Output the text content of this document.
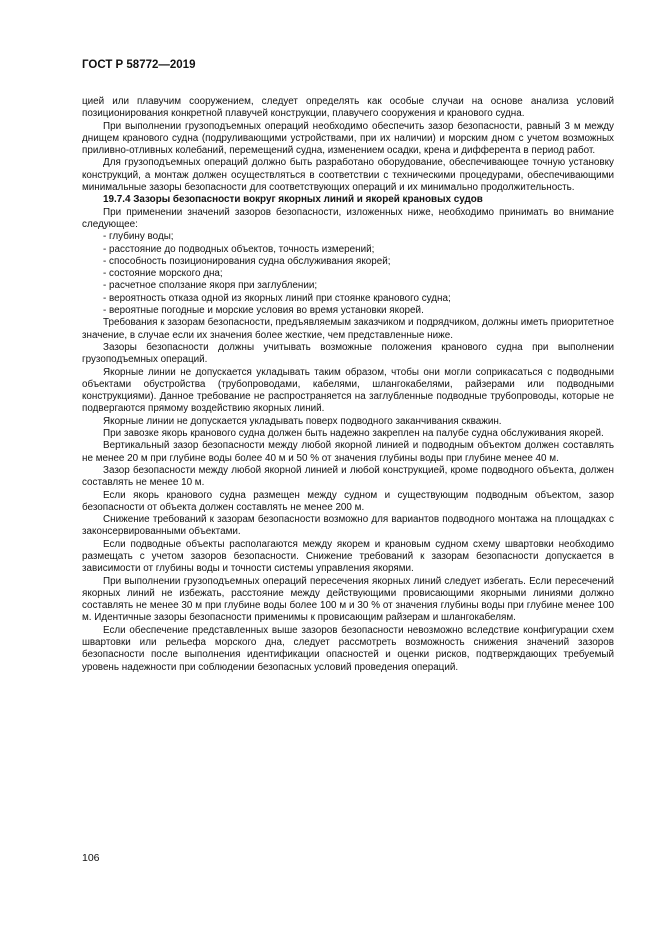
ГОСТ Р 58772—2019

цией или плавучим сооружением, следует определять как особые случаи на основе анализа условий позиционирования конкретной плавучей конструкции, плавучего сооружения и кранового судна.

При выполнении грузоподъемных операций необходимо обеспечить зазор безопасности, равный 3 м между днищем кранового судна (подруливающими устройствами, при их наличии) и морским дном с учетом возможных приливно-отливных колебаний, перемещений судна, изменением осадки, крена и дифферента в период работ.

Для грузоподъемных операций должно быть разработано оборудование, обеспечивающее точную установку конструкций, а монтаж должен осуществляться в соответствии с техническими процедурами, обеспечивающими минимальные зазоры безопасности для соответствующих операций и их минимально продолжительность.

19.7.4 Зазоры безопасности вокруг якорных линий и якорей крановых судов

При применении значений зазоров безопасности, изложенных ниже, необходимо принимать во внимание следующее:

- глубину воды;

- расстояние до подводных объектов, точность измерений;

- способность позиционирования судна обслуживания якорей;

- состояние морского дна;

- расчетное сползание якоря при заглублении;

- вероятность отказа одной из якорных линий при стоянке кранового судна;

- вероятные погодные и морские условия во время установки якорей.

Требования к зазорам безопасности, предъявляемым заказчиком и подрядчиком, должны иметь приоритетное значение, в случае если их значения более жесткие, чем представленные ниже.

Зазоры безопасности должны учитывать возможные положения кранового судна при выполнении грузоподъемных операций.

Якорные линии не допускается укладывать таким образом, чтобы они могли соприкасаться с подводными объектами обустройства (трубопроводами, кабелями, шлангокабелями, райзерами или подводными конструкциями). Данное требование не распространяется на заглубленные подводные трубопроводы, которые не подвергаются прямому воздействию якорных линий.

Якорные линии не допускается укладывать поверх подводного заканчивания скважин.

При завозке якорь кранового судна должен быть надежно закреплен на палубе судна обслуживания якорей.

Вертикальный зазор безопасности между любой якорной линией и подводным объектом должен составлять не менее 20 м при глубине воды более 40 м и 50 % от значения глубины воды при глубине менее 40 м.

Зазор безопасности между любой якорной линией и любой конструкцией, кроме подводного объекта, должен составлять не менее 10 м.

Если якорь кранового судна размещен между судном и существующим подводным объектом, зазор безопасности от объекта должен составлять не менее 200 м.

Снижение требований к зазорам безопасности возможно для вариантов подводного монтажа на площадках с законсервированными объектами.

Если подводные объекты располагаются между якорем и крановым судном схему швартовки необходимо размещать с учетом зазоров безопасности. Снижение требований к зазорам безопасности допускается в зависимости от глубины воды и точности системы управления якорями.

При выполнении грузоподъемных операций пересечения якорных линий следует избегать. Если пересечений якорных линий не избежать, расстояние между действующими провисающими якорными линиями должно составлять не менее 30 м при глубине воды более 100 м и 30 % от значения глубины воды при глубине менее 100 м. Идентичные зазоры безопасности применимы к провисающим райзерам и шлангокабелям.

Если обеспечение представленных выше зазоров безопасности невозможно вследствие конфигурации схем швартовки или рельефа морского дна, следует рассмотреть возможность снижения значений зазоров безопасности после выполнения идентификации опасностей и оценки рисков, подтверждающих требуемый уровень надежности при соблюдении безопасных условий проведения операций.

106
